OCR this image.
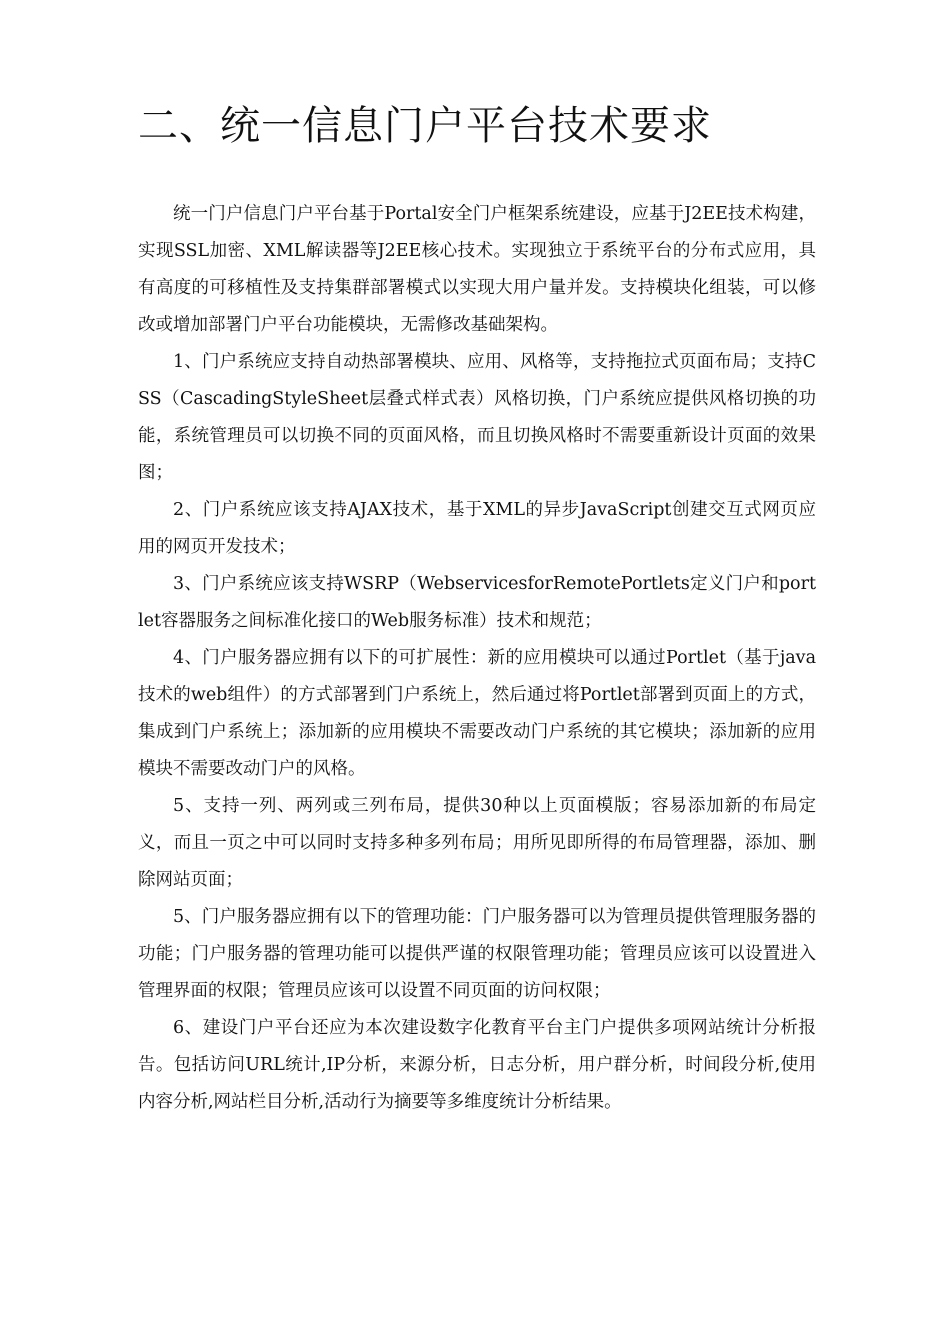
二、统一信息门户平台技术要求

统一门户信息门户平台基于Portal安全门户框架系统建设，应基于J2EE技术构建，实现SSL加密、XML解读器等J2EE核心技术。实现独立于系统平台的分布式应用，具有高度的可移植性及支持集群部署模式以实现大用户量并发。支持模块化组装，可以修改或增加部署门户平台功能模块，无需修改基础架构。

1、门户系统应支持自动热部署模块、应用、风格等，支持拖拉式页面布局；支持CSS（CascadingStyleSheet层叠式样式表）风格切换，门户系统应提供风格切换的功能，系统管理员可以切换不同的页面风格，而且切换风格时不需要重新设计页面的效果图；

2、门户系统应该支持AJAX技术，基于XML的异步JavaScript创建交互式网页应用的网页开发技术；

3、门户系统应该支持WSRP（WebservicesforRemotePortlets定义门户和portlet容器服务之间标准化接口的Web服务标准）技术和规范；

4、门户服务器应拥有以下的可扩展性：新的应用模块可以通过Portlet（基于java技术的web组件）的方式部署到门户系统上，然后通过将Portlet部署到页面上的方式，集成到门户系统上；添加新的应用模块不需要改动门户系统的其它模块；添加新的应用模块不需要改动门户的风格。

5、支持一列、两列或三列布局，提供30种以上页面模版；容易添加新的布局定义，而且一页之中可以同时支持多种多列布局；用所见即所得的布局管理器，添加、删除网站页面；

5、门户服务器应拥有以下的管理功能：门户服务器可以为管理员提供管理服务器的功能；门户服务器的管理功能可以提供严谨的权限管理功能；管理员应该可以设置进入管理界面的权限；管理员应该可以设置不同页面的访问权限；

6、建设门户平台还应为本次建设数字化教育平台主门户提供多项网站统计分析报告。包括访问URL统计,IP分析，来源分析，日志分析，用户群分析，时间段分析,使用内容分析,网站栏目分析,活动行为摘要等多维度统计分析结果。
